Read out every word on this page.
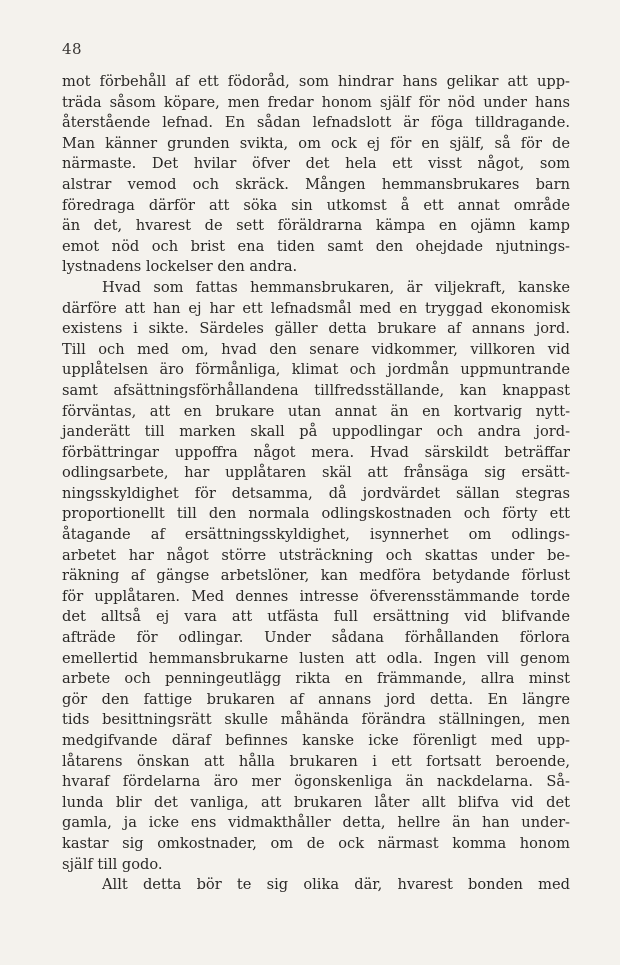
48
mot förbehåll af ett födoråd, som hindrar hans gelikar att upp-
träda såsom köpare, men fredar honom själf för nöd under hans
återstående lefnad. En sådan lefnadslott är föga tilldragande.
Man känner grunden svikta, om ock ej för en själf, så för de
närmaste. Det hvilar öfver det hela ett visst något, som
alstrar vemod och skräck. Mången hemmansbrukares barn
föredraga därför att söka sin utkomst å ett annat område
än det, hvarest de sett föräldrarna kämpa en ojämn kamp
emot nöd och brist ena tiden samt den ohejdade njutnings-
lystnadens lockelser den andra.
Hvad som fattas hemmansbrukaren, är viljekraft, kanske
därföre att han ej har ett lefnadsmål med en tryggad ekonomisk
existens i sikte. Särdeles gäller detta brukare af annans jord.
Till och med om, hvad den senare vidkommer, villkoren vid
upplåtelsen äro förmånliga, klimat och jordmån uppmuntrande
samt afsättningsförhållandena tillfredsställande, kan knappast
förväntas, att en brukare utan annat än en kortvarig nytt-
janderätt till marken skall på uppodlingar och andra jord-
förbättringar uppoffra något mera. Hvad särskildt beträffar
odlingsarbete, har upplåtaren skäl att frånsäga sig ersätt-
ningsskyldighet för detsamma, då jordvärdet sällan stegras
proportionellt till den normala odlingskostnaden och förty ett
åtagande af ersättningsskyldighet, isynnerhet om odlings-
arbetet har något större utsträckning och skattas under be-
räkning af gängse arbetslöner, kan medföra betydande förlust
för upplåtaren. Med dennes intresse öfverensstämmande torde
det alltså ej vara att utfästa full ersättning vid blifvande
afträde för odlingar. Under sådana förhållanden förlora
emellertid hemmansbrukarne lusten att odla. Ingen vill genom
arbete och penningeutlägg rikta en främmande, allra minst
gör den fattige brukaren af annans jord detta. En längre
tids besittningsrätt skulle måhända förändra ställningen, men
medgifvande däraf befinnes kanske icke förenligt med upp-
låtarens önskan att hålla brukaren i ett fortsatt beroende,
hvaraf fördelarna äro mer ögonskenliga än nackdelarna. Så-
lunda blir det vanliga, att brukaren låter allt blifva vid det
gamla, ja icke ens vidmakthåller detta, hellre än han under-
kastar sig omkostnader, om de ock närmast komma honom
själf till godo.
Allt detta bör te sig olika där, hvarest bonden med
